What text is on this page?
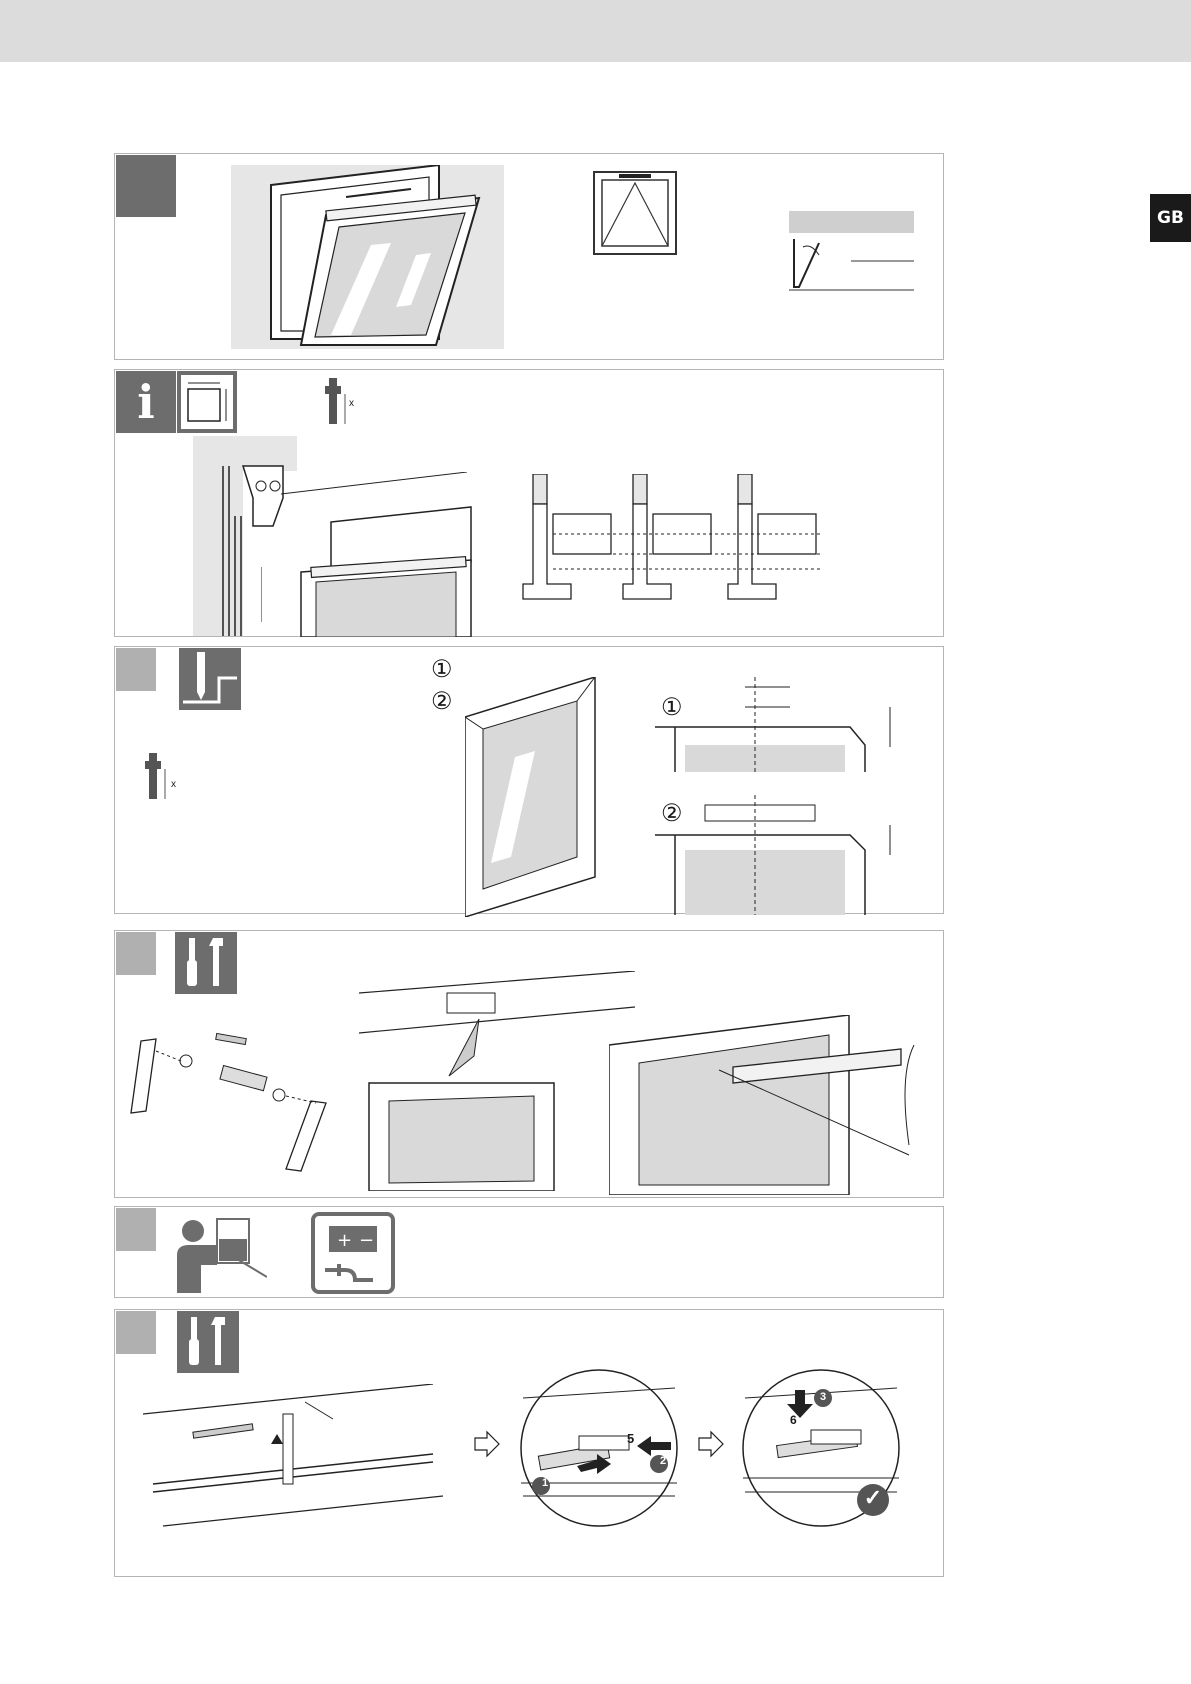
GB
i	x
x
①
②	①
②
+ −
1
2
5
3
6
✓
